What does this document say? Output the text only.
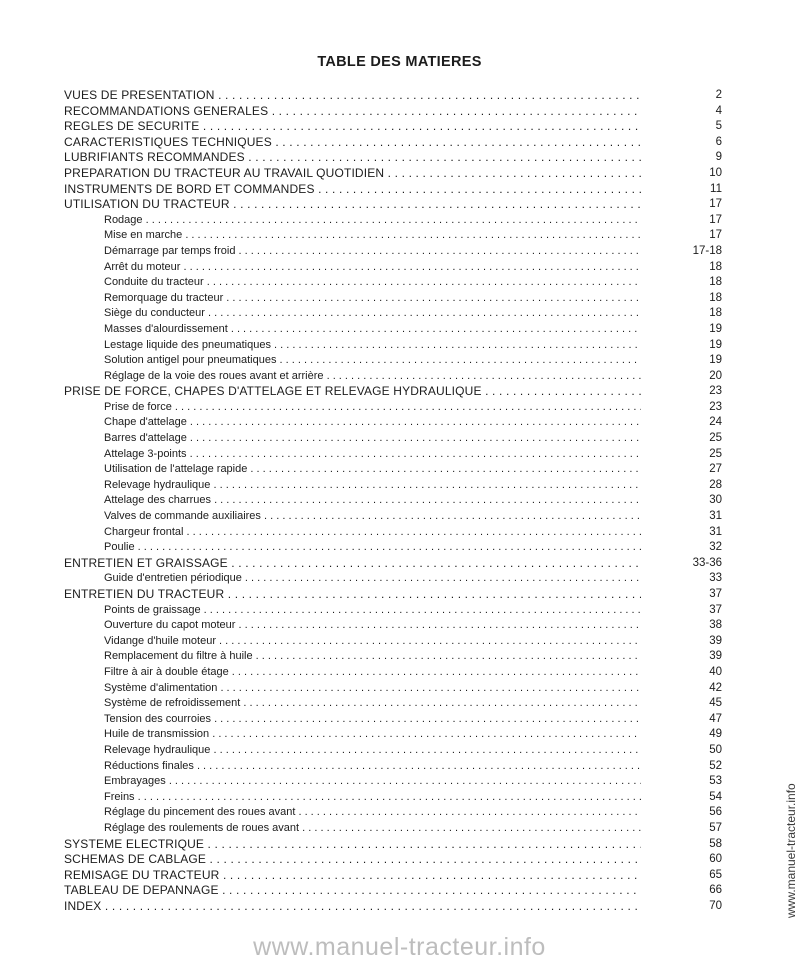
TABLE DES MATIERES
VUES DE PRESENTATION . . .	2
RECOMMANDATIONS GENERALES . . .	4
REGLES DE SECURITE . . .	5
CARACTERISTIQUES TECHNIQUES . . .	6
LUBRIFIANTS RECOMMANDES . . .	9
PREPARATION DU TRACTEUR AU TRAVAIL QUOTIDIEN . . .	10
INSTRUMENTS DE BORD ET COMMANDES . . .	11
UTILISATION DU TRACTEUR . . .	17
Rodage . . .	17
Mise en marche . . .	17
Démarrage par temps froid . . .	17-18
Arrêt du moteur . . .	18
Conduite du tracteur . . .	18
Remorquage du tracteur . . .	18
Siège du conducteur . . .	18
Masses d'alourdissement . . .	19
Lestage liquide des pneumatiques . . .	19
Solution antigel pour pneumatiques . . .	19
Réglage de la voie des roues avant et arrière . . .	20
PRISE DE FORCE, CHAPES D'ATTELAGE ET RELEVAGE HYDRAULIQUE . . .	23
Prise de force . . .	23
Chape d'attelage . . .	24
Barres d'attelage . . .	25
Attelage 3-points . . .	25
Utilisation de l'attelage rapide . . .	27
Relevage hydraulique . . .	28
Attelage des charrues . . .	30
Valves de commande auxiliaires . . .	31
Chargeur frontal . . .	31
Poulie . . .	32
ENTRETIEN ET GRAISSAGE . . .	33-36
Guide d'entretien périodique . . .	33
ENTRETIEN DU TRACTEUR . . .	37
Points de graissage . . .	37
Ouverture du capot moteur . . .	38
Vidange d'huile moteur . . .	39
Remplacement du filtre à huile . . .	39
Filtre à air à double étage . . .	40
Système d'alimentation . . .	42
Système de refroidissement . . .	45
Tension des courroies . . .	47
Huile de transmission . . .	49
Relevage hydraulique . . .	50
Réductions finales . . .	52
Embrayages . . .	53
Freins . . .	54
Réglage du pincement des roues avant . . .	56
Réglage des roulements de roues avant . . .	57
SYSTEME ELECTRIQUE . . .	58
SCHEMAS DE CABLAGE . . .	60
REMISAGE DU TRACTEUR . . .	65
TABLEAU DE DEPANNAGE . . .	66
INDEX . . .	70
www.manuel-tracteur.info
www.manuel-tracteur.info
